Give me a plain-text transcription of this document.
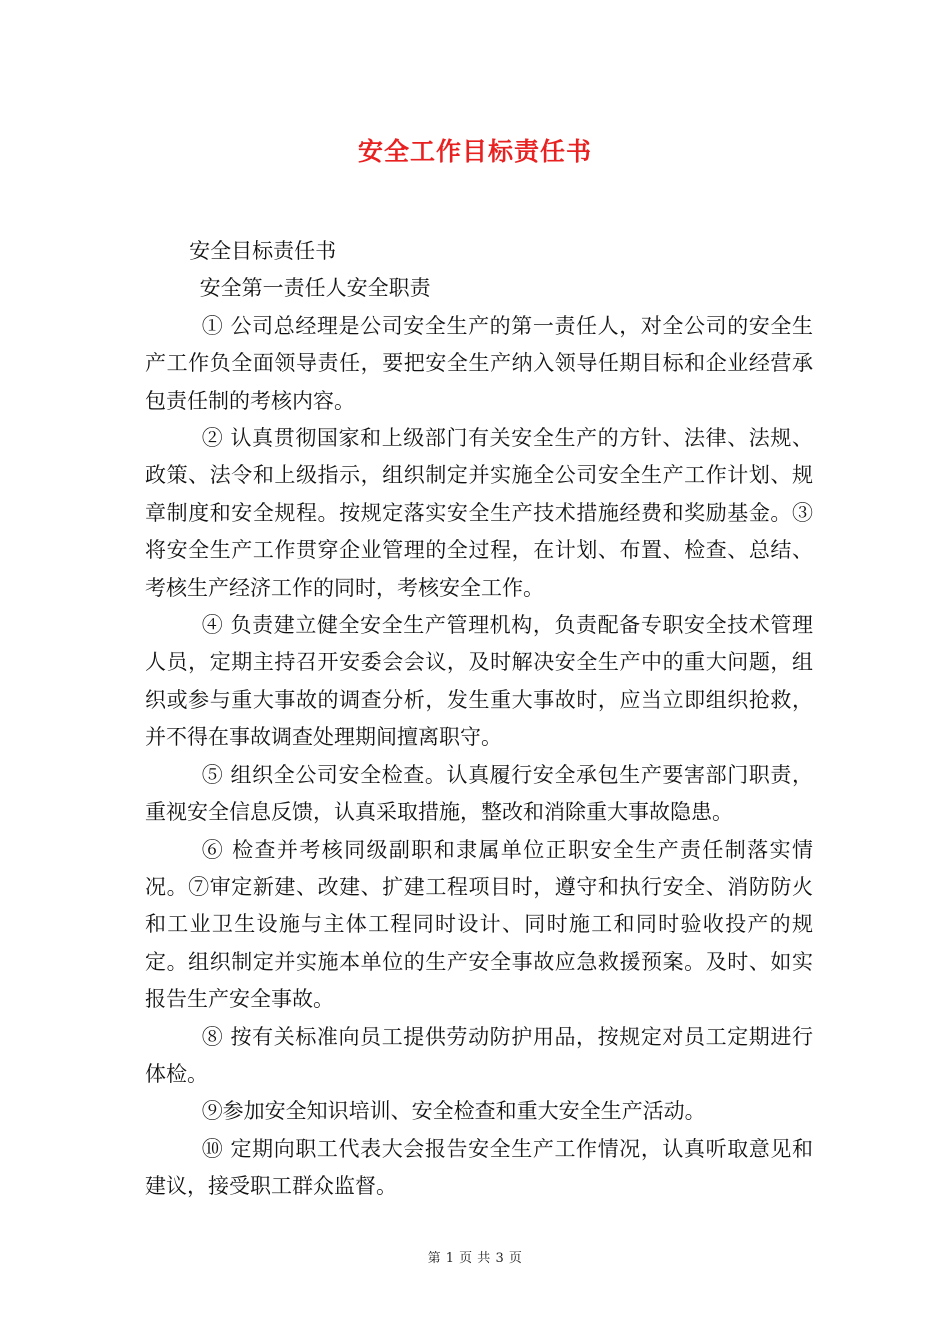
安全工作目标责任书

安全目标责任书

安全第一责任人安全职责

① 公司总经理是公司安全生产的第一责任人，对全公司的安全生产工作负全面领导责任，要把安全生产纳入领导任期目标和企业经营承包责任制的考核内容。

② 认真贯彻国家和上级部门有关安全生产的方针、法律、法规、政策、法令和上级指示，组织制定并实施全公司安全生产工作计划、规章制度和安全规程。按规定落实安全生产技术措施经费和奖励基金。③将安全生产工作贯穿企业管理的全过程，在计划、布置、检查、总结、考核生产经济工作的同时，考核安全工作。

④ 负责建立健全安全生产管理机构，负责配备专职安全技术管理人员，定期主持召开安委会会议，及时解决安全生产中的重大问题，组织或参与重大事故的调查分析，发生重大事故时，应当立即组织抢救，并不得在事故调查处理期间擅离职守。

⑤ 组织全公司安全检查。认真履行安全承包生产要害部门职责，重视安全信息反馈，认真采取措施，整改和消除重大事故隐患。

⑥ 检查并考核同级副职和隶属单位正职安全生产责任制落实情况。⑦审定新建、改建、扩建工程项目时，遵守和执行安全、消防防火和工业卫生设施与主体工程同时设计、同时施工和同时验收投产的规定。组织制定并实施本单位的生产安全事故应急救援预案。及时、如实报告生产安全事故。

⑧ 按有关标准向员工提供劳动防护用品，按规定对员工定期进行体检。

⑨参加安全知识培训、安全检查和重大安全生产活动。

⑩ 定期向职工代表大会报告安全生产工作情况，认真听取意见和建议，接受职工群众监督。

第 1 页 共 3 页
